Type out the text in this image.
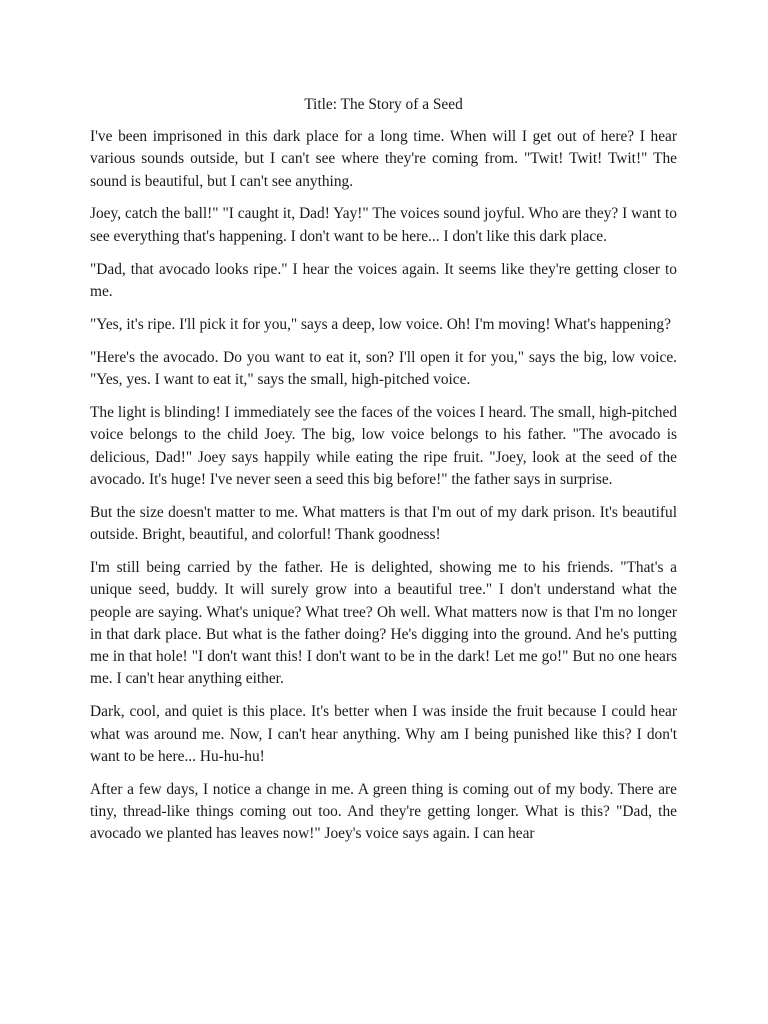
Title: The Story of a Seed

I've been imprisoned in this dark place for a long time. When will I get out of here? I hear various sounds outside, but I can't see where they're coming from. "Twit! Twit! Twit!" The sound is beautiful, but I can't see anything.

Joey, catch the ball!" "I caught it, Dad! Yay!" The voices sound joyful. Who are they? I want to see everything that's happening. I don't want to be here... I don't like this dark place.

"Dad, that avocado looks ripe." I hear the voices again. It seems like they're getting closer to me.

"Yes, it's ripe. I'll pick it for you," says a deep, low voice. Oh! I'm moving! What's happening?

"Here's the avocado. Do you want to eat it, son? I'll open it for you," says the big, low voice. "Yes, yes. I want to eat it," says the small, high-pitched voice.

The light is blinding! I immediately see the faces of the voices I heard. The small, high-pitched voice belongs to the child Joey. The big, low voice belongs to his father. "The avocado is delicious, Dad!" Joey says happily while eating the ripe fruit. "Joey, look at the seed of the avocado. It's huge! I've never seen a seed this big before!" the father says in surprise.

But the size doesn't matter to me. What matters is that I'm out of my dark prison. It's beautiful outside. Bright, beautiful, and colorful! Thank goodness!

I'm still being carried by the father. He is delighted, showing me to his friends. "That's a unique seed, buddy. It will surely grow into a beautiful tree." I don't understand what the people are saying. What's unique? What tree? Oh well. What matters now is that I'm no longer in that dark place. But what is the father doing? He's digging into the ground. And he's putting me in that hole! "I don't want this! I don't want to be in the dark! Let me go!" But no one hears me. I can't hear anything either.

Dark, cool, and quiet is this place. It's better when I was inside the fruit because I could hear what was around me. Now, I can't hear anything. Why am I being punished like this? I don't want to be here... Hu-hu-hu!

After a few days, I notice a change in me. A green thing is coming out of my body. There are tiny, thread-like things coming out too. And they're getting longer. What is this? "Dad, the avocado we planted has leaves now!" Joey's voice says again. I can hear
